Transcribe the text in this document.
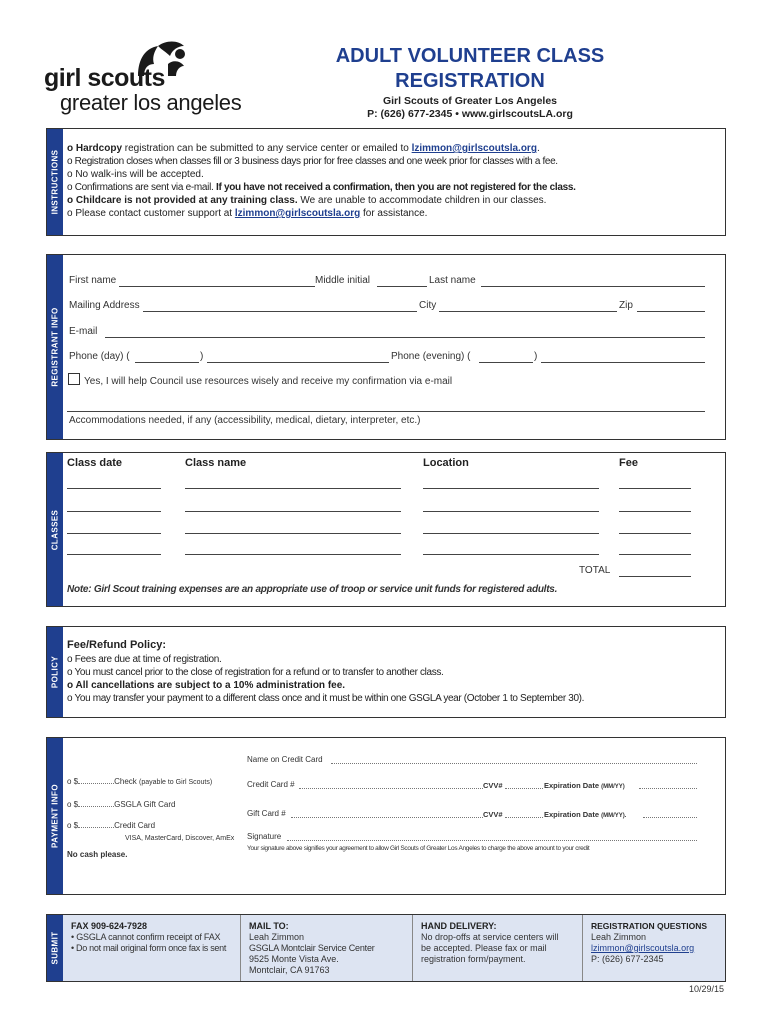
girl scouts
greater los angeles
ADULT VOLUNTEER CLASS
REGISTRATION
Girl Scouts of Greater Los Angeles
P: (626) 677-2345 • www.girlscoutsLA.org
INSTRUCTIONS
o Hardcopy registration can be submitted to any service center or emailed to lzimmon@girlscoutsla.org.
o Registration closes when classes fill or 3 business days prior for free classes and one week prior for classes with a fee.
o No walk-ins will be accepted.
o Confirmations are sent via e-mail. If you have not received a confirmation, then you are not registered for the class.
o Childcare is not provided at any training class. We are unable to accommodate children in our classes.
o Please contact customer support at lzimmon@girlscoutsla.org for assistance.
REGISTRANT INFO
First name	Middle initial	Last name
Mailing Address	City	Zip
E-mail
Phone (day) (	)	Phone (evening) (	)
Yes, I will help Council use resources wisely and receive my confirmation via e-mail
Accommodations needed, if any (accessibility, medical, dietary, interpreter, etc.)
CLASSES
Class date	Class name	Location	Fee
TOTAL
Note: Girl Scout training expenses are an appropriate use of troop or service unit funds for registered adults.
POLICY
Fee/Refund Policy:
o Fees are due at time of registration.
o You must cancel prior to the close of registration for a refund or to transfer to another class.
o All cancellations are subject to a 10% administration fee.
o You may transfer your payment to a different class once and it must be within one GSGLA year (October 1 to September 30).
PAYMENT INFO
o $	Check (payable to Girl Scouts)
o $	GSGLA Gift Card
o $	Credit Card
VISA, MasterCard, Discover, AmEx
No cash please.
Name on Credit Card
Credit Card #	CVV#	Expiration Date (MM/YY)
Gift Card #	CVV#	Expiration Date (MM/YY).
Signature
Your signature above signifies your agreement to allow Girl Scouts of Greater Los Angeles to charge the above amount to your credit
SUBMIT
FAX 909-624-7928
• GSGLA cannot confirm receipt of FAX
• Do not mail original form once fax is sent
MAIL TO:
Leah Zimmon
GSGLA Montclair Service Center
9525 Monte Vista Ave.
Montclair, CA 91763
HAND DELIVERY:
No drop-offs at service centers will
be accepted. Please fax or mail
registration form/payment.
REGISTRATION QUESTIONS
Leah Zimmon
lzimmon@girlscoutsla.org
P: (626) 677-2345
10/29/15
